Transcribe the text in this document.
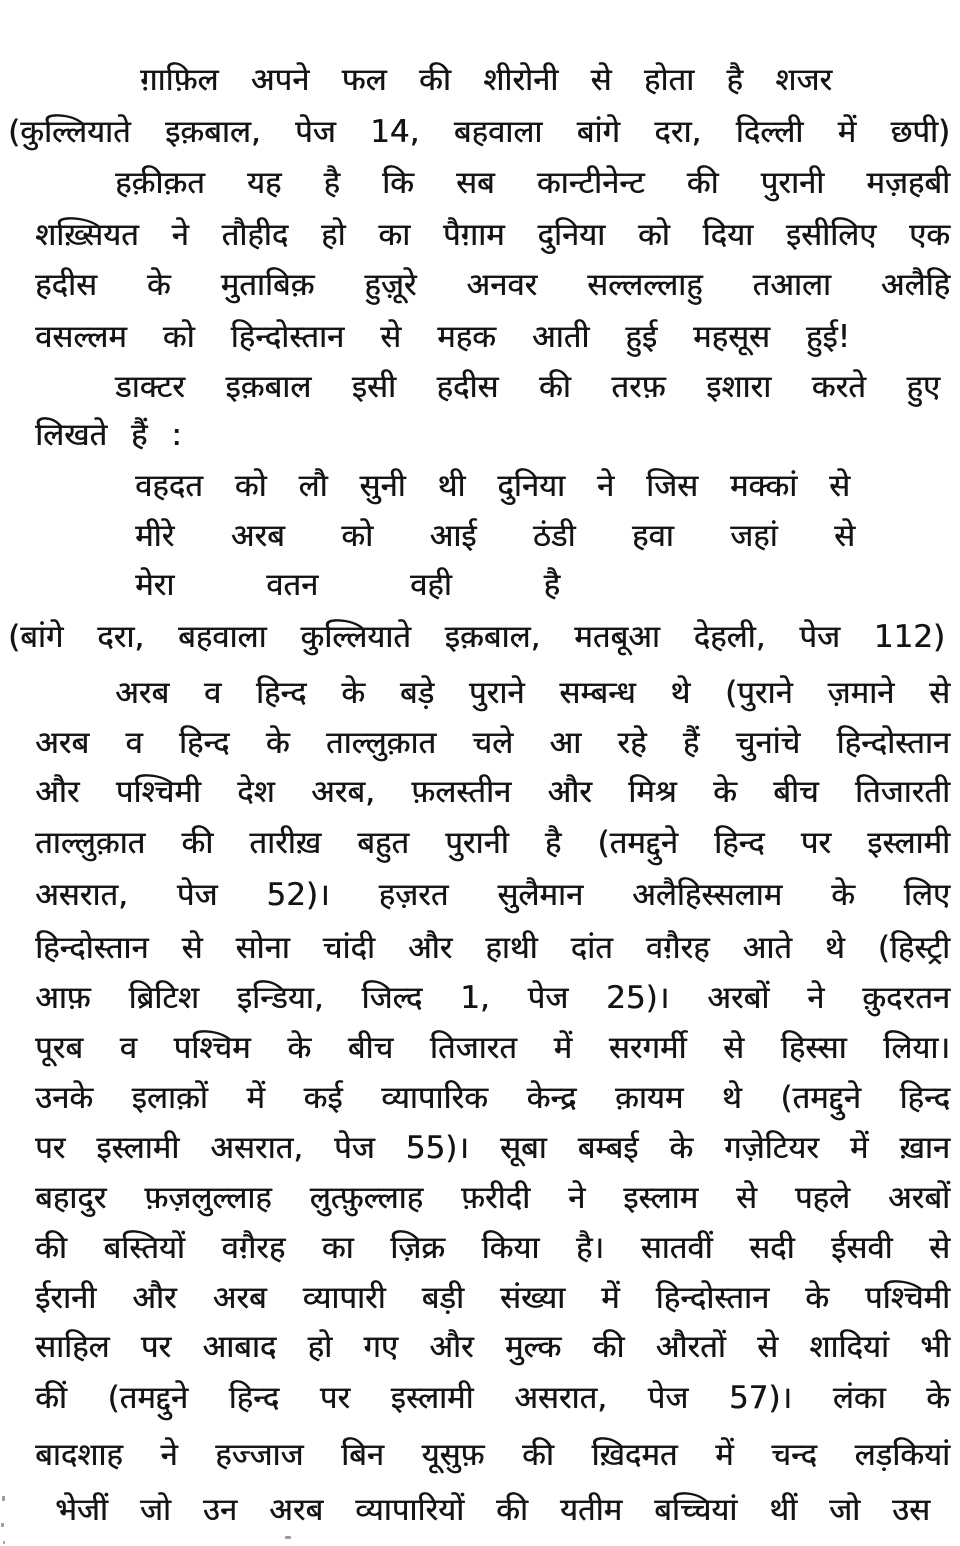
ग़ाफ़िल अपने फल की शीरोनी से होता है शजर
(कुल्लियाते इक़बाल, पेज 14, बहवाला बांगे दरा, दिल्ली में छपी)
हक़ीक़त यह है कि सब कान्टीनेन्ट की पुरानी मज़हबी
शख़्सियत ने तौहीद हो का पैग़ाम दुनिया को दिया इसीलिए एक
हदीस के मुताबिक़ हुज़ूरे अनवर सल्लल्लाहु तआला अलैहि
वसल्लम को हिन्दोस्तान से महक आती हुई महसूस हुई!
डाक्टर इक़बाल इसी हदीस की तरफ़ इशारा करते हुए
लिखते हैं :
वहदत को लौ सुनी थी दुनिया ने जिस मक्कां से
मीरे अरब को आई ठंडी हवा जहां से
मेरा वतन वही है
(बांगे दरा, बहवाला कुल्लियाते इक़बाल, मतबूआ देहली, पेज 112)
अरब व हिन्द के बड़े पुराने सम्बन्ध थे (पुराने ज़माने से
अरब व हिन्द के ताल्लुक़ात चले आ रहे हैं चुनांचे हिन्दोस्तान
और पश्चिमी देश अरब, फ़लस्तीन और मिश्र के बीच तिजारती
ताल्लुक़ात की तारीख़ बहुत पुरानी है (तमद्दुने हिन्द पर इस्लामी
असरात, पेज 52)। हज़रत सुलैमान अलैहिस्सलाम के लिए
हिन्दोस्तान से सोना चांदी और हाथी दांत वग़ैरह आते थे (हिस्ट्री
आफ़ ब्रिटिश इन्डिया, जिल्द 1, पेज 25)। अरबों ने क़ुदरतन
पूरब व पश्चिम के बीच तिजारत में सरगर्मी से हिस्सा लिया।
उनके इलाक़ों में कई व्यापारिक केन्द्र क़ायम थे (तमद्दुने हिन्द
पर इस्लामी असरात, पेज 55)। सूबा बम्बई के गज़ेटियर में ख़ान
बहादुर फ़ज़लुल्लाह लुत्फ़ुल्लाह फ़रीदी ने इस्लाम से पहले अरबों
की बस्तियों वग़ैरह का ज़िक्र किया है। सातवीं सदी ईसवी से
ईरानी और अरब व्यापारी बड़ी संख्या में हिन्दोस्तान के पश्चिमी
साहिल पर आबाद हो गए और मुल्क की औरतों से शादियां भी
कीं (तमद्दुने हिन्द पर इस्लामी असरात, पेज 57)। लंका के
बादशाह ने हज्जाज बिन यूसुफ़ की ख़िदमत में चन्द लड़कियां
भेजीं जो उन अरब व्यापारियों की यतीम बच्चियां थीं जो उस
